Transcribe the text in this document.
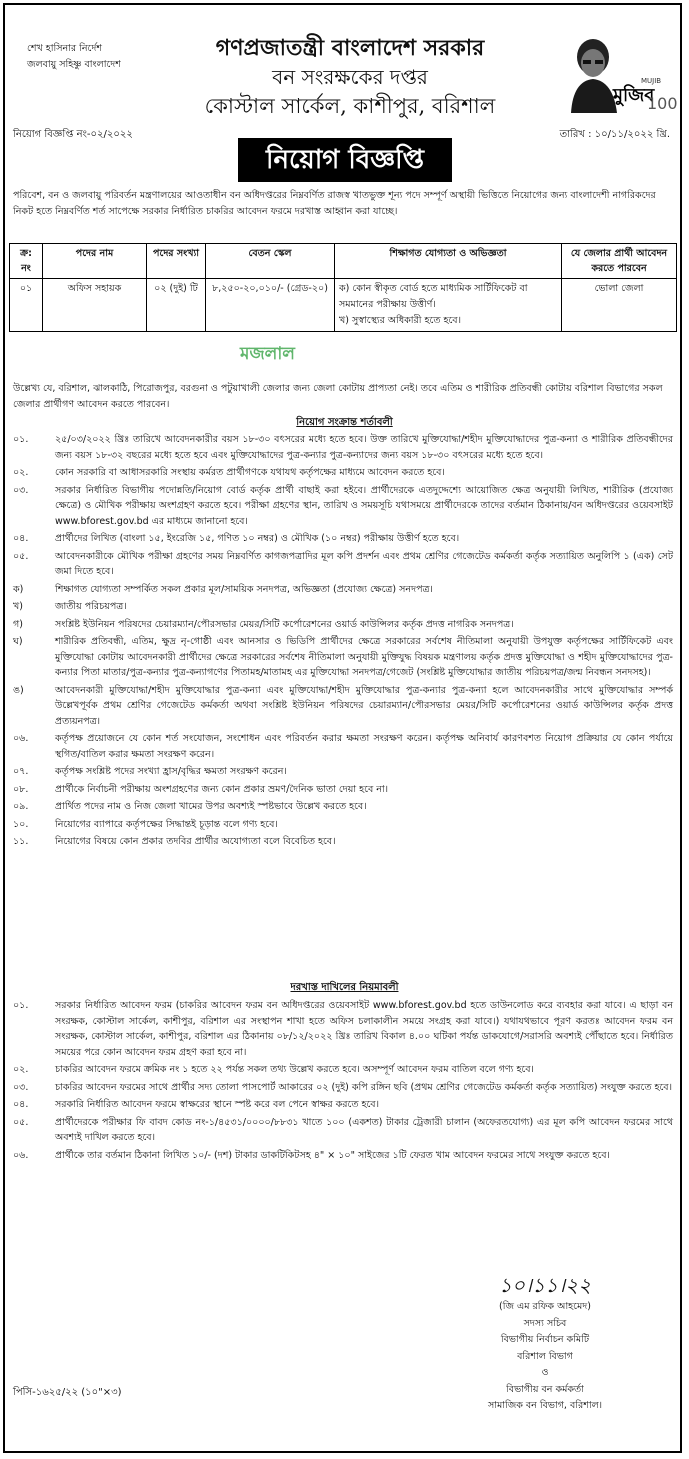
শেখ হাসিনার নির্দেশ
জলবায়ু সহিষ্ণু বাংলাদেশ
গণপ্রজাতন্ত্রী বাংলাদেশ সরকার
বন সংরক্ষকের দপ্তর
কোস্টাল সার্কেল, কাশীপুর, বরিশাল	মুজিব
MUJIB
100
নিয়োগ বিজ্ঞপ্তি নং-০২/২০২২	তারিখ : ১০/১১/২০২২ খ্রি.
নিয়োগ বিজ্ঞপ্তি
পরিবেশ, বন ও জলবায়ু পরিবর্তন মন্ত্রণালয়ের আওতাধীন বন অধিদপ্তরের নিম্নবর্ণিত রাজস্ব খাতভুক্ত শূন্য পদে সম্পূর্ণ অস্থায়ী ভিত্তিতে নিয়োগের জন্য বাংলাদেশী নাগরিকদের নিকট হতে নিম্নবর্ণিত শর্ত সাপেক্ষে সরকার নির্ধারিত চাকরির আবেদন ফরমে দরখাস্ত আহ্বান করা যাচ্ছে।
ক্র: নং	পদের নাম	পদের সংখ্যা	বেতন স্কেল	শিক্ষাগত যোগ্যতা ও অভিজ্ঞতা	যে জেলার প্রার্থী আবেদন করতে পারবেন
০১	অফিস সহায়ক	০২ (দুই) টি	৮,২৫০-২০,০১০/- (গ্রেড-২০)	ক) কোন স্বীকৃত বোর্ড হতে মাধ্যমিক সার্টিফিকেট বা সমমানের পরীক্ষায় উত্তীর্ণ।
খ) সুস্বাস্থ্যের অধিকারী হতে হবে।	ভোলা জেলা
মজলাল
উল্লেখ্য যে, বরিশাল, ঝালকাঠি, পিরোজপুর, বরগুনা ও পটুয়াখালী জেলার জন্য জেলা কোটায় প্রাপ্যতা নেই। তবে এতিম ও শারীরিক প্রতিবন্ধী কোটায় বরিশাল বিভাগের সকল জেলার প্রার্থীগণ আবেদন করতে পারবেন।
নিয়োগ সংক্রান্ত শর্তাবলী
০১.	২৫/০৩/২০২২ খ্রিঃ তারিখে আবেদনকারীর বয়স ১৮-৩০ বৎসরের মধ্যে হতে হবে। উক্ত তারিখে মুক্তিযোদ্ধা/শহীদ মুক্তিযোদ্ধাদের পুত্র-কন্যা ও শারীরিক প্রতিবন্ধীদের জন্য বয়স ১৮-৩২ বছরের মধ্যে হতে হবে এবং মুক্তিযোদ্ধাদের পুত্র-কন্যার পুত্র-কন্যাদের জন্য বয়স ১৮-৩০ বৎসরের মধ্যে হতে হবে।
০২.	কোন সরকারি বা আধাসরকারি সংস্থায় কর্মরত প্রার্থীগণকে যথাযথ কর্তৃপক্ষের মাধ্যমে আবেদন করতে হবে।
০৩.	সরকার নির্ধারিত বিভাগীয় পদোন্নতি/নিয়োগ বোর্ড কর্তৃক প্রার্থী বাছাই করা হইবে। প্রার্থীদেরকে এতদুদ্দেশ্যে আয়োজিত ক্ষেত্র অনুযায়ী লিখিত, শারীরিক (প্রযোজ্য ক্ষেত্রে) ও মৌখিক পরীক্ষায় অংশগ্রহণ করতে হবে। পরীক্ষা গ্রহণের স্থান, তারিখ ও সময়সূচি যথাসময়ে প্রার্থীদেরকে তাদের বর্তমান ঠিকানায়/বন অধিদপ্তরের ওয়েবসাইট www.bforest.gov.bd এর মাধ্যমে জানানো হবে।
০৪.	প্রার্থীদের লিখিত (বাংলা ১৫, ইংরেজি ১৫, গণিত ১০ নম্বর) ও মৌখিক (১০ নম্বর) পরীক্ষায় উত্তীর্ণ হতে হবে।
০৫.	আবেদনকারীকে মৌখিক পরীক্ষা গ্রহণের সময় নিম্নবর্ণিত কাগজপত্রাদির মূল কপি প্রদর্শন এবং প্রথম শ্রেণির গেজেটেড কর্মকর্তা কর্তৃক সত্যায়িত অনুলিপি ১ (এক) সেট জমা দিতে হবে।
ক)	শিক্ষাগত যোগ্যতা সম্পর্কিত সকল প্রকার মূল/সাময়িক সনদপত্র, অভিজ্ঞতা (প্রযোজ্য ক্ষেত্রে) সনদপত্র।
খ)	জাতীয় পরিচয়পত্র।
গ)	সংশ্লিষ্ট ইউনিয়ন পরিষদের চেয়ারম্যান/পৌরসভার মেয়র/সিটি কর্পোরেশনের ওয়ার্ড কাউন্সিলর কর্তৃক প্রদত্ত নাগরিক সনদপত্র।
ঘ)	শারীরিক প্রতিবন্ধী, এতিম, ক্ষুদ্র নৃ-গোষ্ঠী এবং আনসার ও ভিডিপি প্রার্থীদের ক্ষেত্রে সরকারের সর্বশেষ নীতিমালা অনুযায়ী উপযুক্ত কর্তৃপক্ষের সার্টিফিকেট এবং মুক্তিযোদ্ধা কোটায় আবেদনকারী প্রার্থীদের ক্ষেত্রে সরকারের সর্বশেষ নীতিমালা অনুযায়ী মুক্তিযুদ্ধ বিষয়ক মন্ত্রণালয় কর্তৃক প্রদত্ত মুক্তিযোদ্ধা ও শহীদ মুক্তিযোদ্ধাদের পুত্র-কন্যার পিতা মাতার/পুত্র-কন্যার পুত্র-কন্যাগণের পিতামহ/মাতামহ এর মুক্তিযোদ্ধা সনদপত্র/গেজেট (সংশ্লিষ্ট মুক্তিযোদ্ধার জাতীয় পরিচয়পত্র/জন্ম নিবন্ধন সনদসহ)।
ঙ)	আবেদনকারী মুক্তিযোদ্ধা/শহীদ মুক্তিযোদ্ধার পুত্র-কন্যা এবং মুক্তিযোদ্ধা/শহীদ মুক্তিযোদ্ধার পুত্র-কন্যার পুত্র-কন্যা হলে আবেদনকারীর সাথে মুক্তিযোদ্ধার সম্পর্ক উল্লেখপূর্বক প্রথম শ্রেণির গেজেটেড কর্মকর্তা অথবা সংশ্লিষ্ট ইউনিয়ন পরিষদের চেয়ারম্যান/পৌরসভার মেয়র/সিটি কর্পোরেশনের ওয়ার্ড কাউন্সিলর কর্তৃক প্রদত্ত প্রত্যয়নপত্র।
০৬.	কর্তৃপক্ষ প্রয়োজনে যে কোন শর্ত সংযোজন, সংশোধন এবং পরিবর্তন করার ক্ষমতা সংরক্ষণ করেন। কর্তৃপক্ষ অনিবার্য কারণবশত নিয়োগ প্রক্রিয়ার যে কোন পর্যায়ে স্থগিত/বাতিল করার ক্ষমতা সংরক্ষণ করেন।
০৭.	কর্তৃপক্ষ সংশ্লিষ্ট পদের সংখ্যা হ্রাস/বৃদ্ধির ক্ষমতা সংরক্ষণ করেন।
০৮.	প্রার্থীকে নির্বাচনী পরীক্ষায় অংশগ্রহণের জন্য কোন প্রকার ভ্রমণ/দৈনিক ভাতা দেয়া হবে না।
০৯.	প্রার্থিত পদের নাম ও নিজ জেলা খামের উপর অবশ্যই স্পষ্টভাবে উল্লেখ করতে হবে।
১০.	নিয়োগের ব্যাপারে কর্তৃপক্ষের সিদ্ধান্তই চূড়ান্ত বলে গণ্য হবে।
১১.	নিয়োগের বিষয়ে কোন প্রকার তদবির প্রার্থীর অযোগ্যতা বলে বিবেচিত হবে।
দরখাস্ত দাখিলের নিয়মাবলী
০১.	সরকার নির্ধারিত আবেদন ফরম (চাকরির আবেদন ফরম বন অধিদপ্তরের ওয়েবসাইট www.bforest.gov.bd হতে ডাউনলোড করে ব্যবহার করা যাবে। এ ছাড়া বন সংরক্ষক, কোস্টাল সার্কেল, কাশীপুর, বরিশাল এর সংস্থাপন শাখা হতে অফিস চলাকালীন সময়ে সংগ্রহ করা যাবে।) যথাযথভাবে পূরণ করতঃ আবেদন ফরম বন সংরক্ষক, কোস্টাল সার্কেল, কাশীপুর, বরিশাল এর ঠিকানায় ০৮/১২/২০২২ খ্রিঃ তারিখ বিকাল ৪.০০ ঘটিকা পর্যন্ত ডাকযোগে/সরাসরি অবশ্যই পৌঁছাতে হবে। নির্ধারিত সময়ের পরে কোন আবেদন ফরম গ্রহণ করা হবে না।
০২.	চাকরির আবেদন ফরমে ক্রমিক নং ১ হতে ২২ পর্যন্ত সকল তথ্য উল্লেখ করতে হবে। অসম্পূর্ণ আবেদন ফরম বাতিল বলে গণ্য হবে।
০৩.	চাকরির আবেদন ফরমের সাথে প্রার্থীর সদ্য তোলা পাসপোর্ট আকারের ০২ (দুই) কপি রঙ্গিন ছবি (প্রথম শ্রেণির গেজেটেড কর্মকর্তা কর্তৃক সত্যায়িত) সংযুক্ত করতে হবে।
০৪.	সরকারি নির্ধারিত আবেদন ফরমে স্বাক্ষরের স্থানে স্পষ্ট করে বল পেনে স্বাক্ষর করতে হবে।
০৫.	প্রার্থীদেরকে পরীক্ষার ফি বাবদ কোড নং-১/৪৫৩১/০০০০/৮৮৩১ খাতে ১০০ (একশত) টাকার ট্রেজারী চালান (অফেরতযোগ্য) এর মূল কপি আবেদন ফরমের সাথে অবশ্যই দাখিল করতে হবে।
০৬.	প্রার্থীকে তার বর্তমান ঠিকানা লিখিত ১০/- (দশ) টাকার ডাকটিকিটসহ ৪" × ১০" সাইজের ১টি ফেরত খাম আবেদন ফরমের সাথে সংযুক্ত করতে হবে।
১০।১১।২২
(জি এম রফিক আহমেদ)
সদস্য সচিব
বিভাগীয় নির্বাচন কমিটি
বরিশাল বিভাগ
ও
বিভাগীয় বন কর্মকর্তা
সামাজিক বন বিভাগ, বরিশাল।
পিসি-১৬২৫/২২ (১০"×৩)
